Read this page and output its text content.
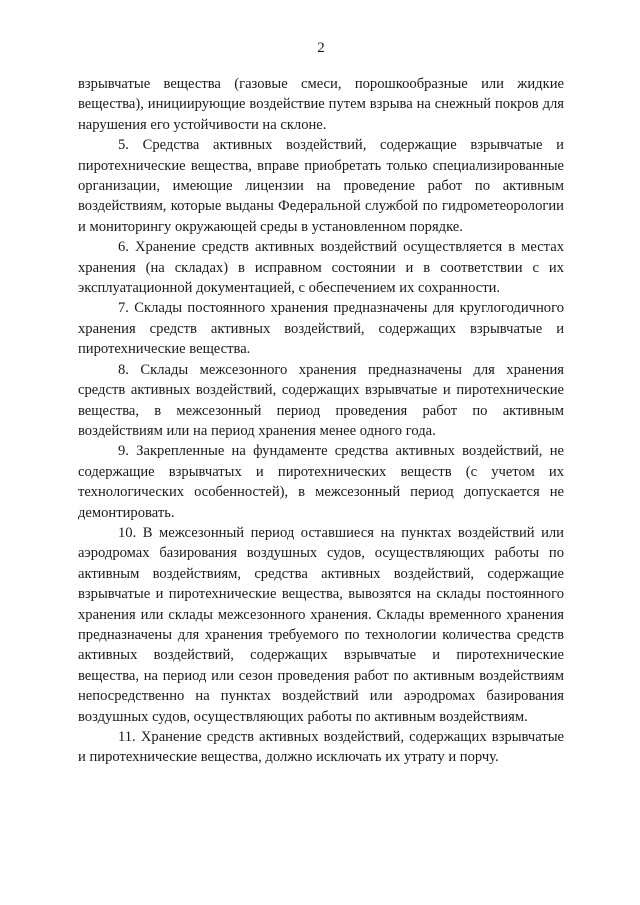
2

взрывчатые вещества (газовые смеси, порошкообразные или жидкие вещества), инициирующие воздействие путем взрыва на снежный покров для нарушения его устойчивости на склоне.

5. Средства активных воздействий, содержащие взрывчатые и пиротехнические вещества, вправе приобретать только специализированные организации, имеющие лицензии на проведение работ по активным воздействиям, которые выданы Федеральной службой по гидрометеорологии и мониторингу окружающей среды в установленном порядке.

6. Хранение средств активных воздействий осуществляется в местах хранения (на складах) в исправном состоянии и в соответствии с их эксплуатационной документацией, с обеспечением их сохранности.

7. Склады постоянного хранения предназначены для круглогодичного хранения средств активных воздействий, содержащих взрывчатые и пиротехнические вещества.

8. Склады межсезонного хранения предназначены для хранения средств активных воздействий, содержащих взрывчатые и пиротехнические вещества, в межсезонный период проведения работ по активным воздействиям или на период хранения менее одного года.

9. Закрепленные на фундаменте средства активных воздействий, не содержащие взрывчатых и пиротехнических веществ (с учетом их технологических особенностей), в межсезонный период допускается не демонтировать.

10. В межсезонный период оставшиеся на пунктах воздействий или аэродромах базирования воздушных судов, осуществляющих работы по активным воздействиям, средства активных воздействий, содержащие взрывчатые и пиротехнические вещества, вывозятся на склады постоянного хранения или склады межсезонного хранения. Склады временного хранения предназначены для хранения требуемого по технологии количества средств активных воздействий, содержащих взрывчатые и пиротехнические вещества, на период или сезон проведения работ по активным воздействиям непосредственно на пунктах воздействий или аэродромах базирования воздушных судов, осуществляющих работы по активным воздействиям.

11. Хранение средств активных воздействий, содержащих взрывчатые и пиротехнические вещества, должно исключать их утрату и порчу.
